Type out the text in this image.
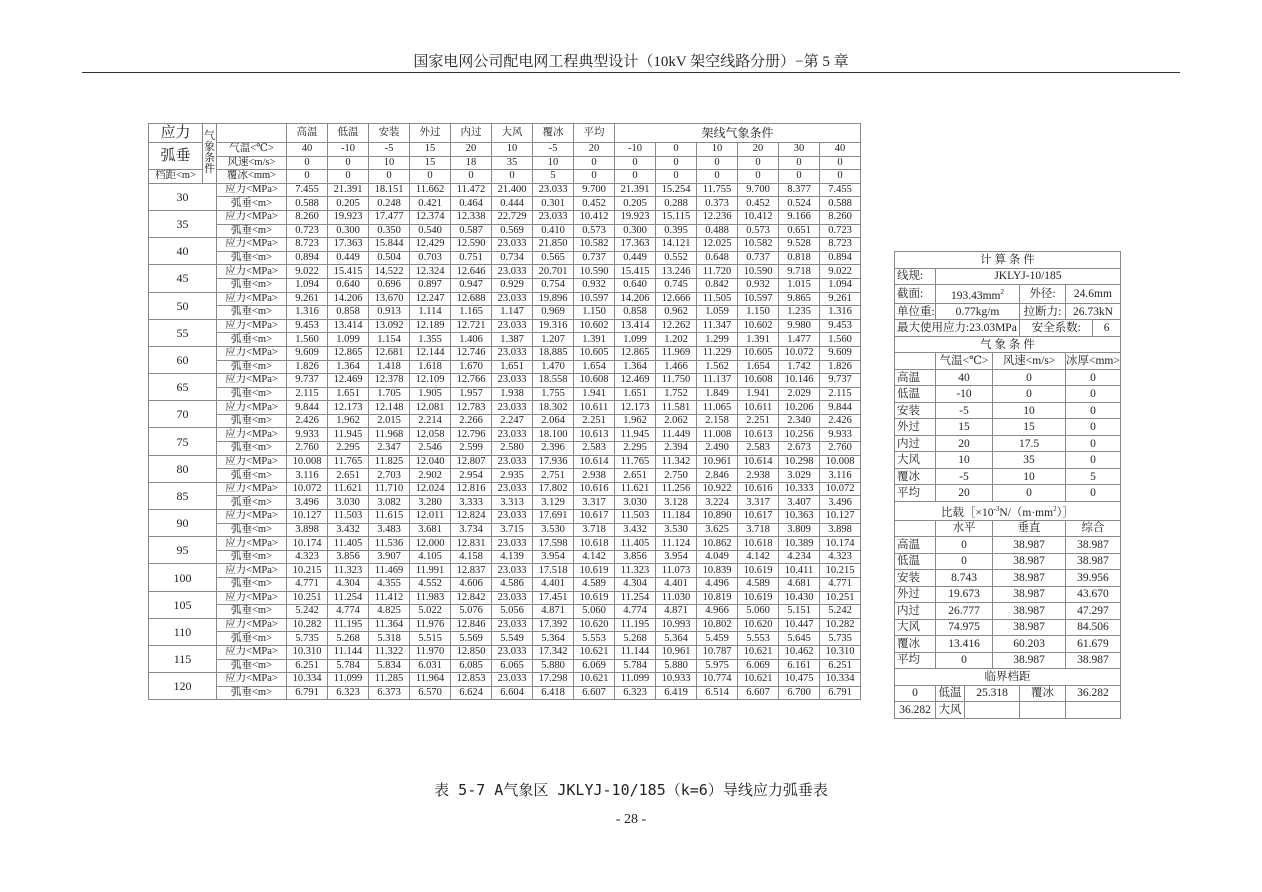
国家电网公司配电网工程典型设计（10kV 架空线路分册）−第 5 章
应力	气象条件		高温	低温	安装	外过	内过	大风	覆冰	平均	架线气象条件					
弧垂		气温<℃>	40	-10	-5	15	20	10	-5	20	-10	0	10	20	30	40
		风速<m/s>	0	0	10	15	18	35	10	0	0	0	0	0	0	0
档距<m>		覆冰<mm>	0	0	0	0	0	0	5	0	0	0	0	0	0	0
30		应力<MPa>	7.455	21.391	18.151	11.662	11.472	21.400	23.033	9.700	21.391	15.254	11.755	9.700	8.377	7.455
		弧垂<m>	0.588	0.205	0.248	0.421	0.464	0.444	0.301	0.452	0.205	0.288	0.373	0.452	0.524	0.588
35		应力<MPa>	8.260	19.923	17.477	12.374	12.338	22.729	23.033	10.412	19.923	15.115	12.236	10.412	9.166	8.260
		弧垂<m>	0.723	0.300	0.350	0.540	0.587	0.569	0.410	0.573	0.300	0.395	0.488	0.573	0.651	0.723
40		应力<MPa>	8.723	17.363	15.844	12.429	12.590	23.033	21.850	10.582	17.363	14.121	12.025	10.582	9.528	8.723
		弧垂<m>	0.894	0.449	0.504	0.703	0.751	0.734	0.565	0.737	0.449	0.552	0.648	0.737	0.818	0.894
45		应力<MPa>	9.022	15.415	14.522	12.324	12.646	23.033	20.701	10.590	15.415	13.246	11.720	10.590	9.718	9.022
		弧垂<m>	1.094	0.640	0.696	0.897	0.947	0.929	0.754	0.932	0.640	0.745	0.842	0.932	1.015	1.094
50		应力<MPa>	9.261	14.206	13.670	12.247	12.688	23.033	19.896	10.597	14.206	12.666	11.505	10.597	9.865	9.261
		弧垂<m>	1.316	0.858	0.913	1.114	1.165	1.147	0.969	1.150	0.858	0.962	1.059	1.150	1.235	1.316
55		应力<MPa>	9.453	13.414	13.092	12.189	12.721	23.033	19.316	10.602	13.414	12.262	11.347	10.602	9.980	9.453
		弧垂<m>	1.560	1.099	1.154	1.355	1.406	1.387	1.207	1.391	1.099	1.202	1.299	1.391	1.477	1.560
60		应力<MPa>	9.609	12.865	12.681	12.144	12.746	23.033	18.885	10.605	12.865	11.969	11.229	10.605	10.072	9.609
		弧垂<m>	1.826	1.364	1.418	1.618	1.670	1.651	1.470	1.654	1.364	1.466	1.562	1.654	1.742	1.826
65		应力<MPa>	9.737	12.469	12.378	12.109	12.766	23.033	18.558	10.608	12.469	11.750	11.137	10.608	10.146	9.737
		弧垂<m>	2.115	1.651	1.705	1.905	1.957	1.938	1.755	1.941	1.651	1.752	1.849	1.941	2.029	2.115
70		应力<MPa>	9.844	12.173	12.148	12.081	12.783	23.033	18.302	10.611	12.173	11.581	11.065	10.611	10.206	9.844
		弧垂<m>	2.426	1.962	2.015	2.214	2.266	2.247	2.064	2.251	1.962	2.062	2.158	2.251	2.340	2.426
75		应力<MPa>	9.933	11.945	11.968	12.058	12.796	23.033	18.100	10.613	11.945	11.449	11.008	10.613	10.256	9.933
		弧垂<m>	2.760	2.295	2.347	2.546	2.599	2.580	2.396	2.583	2.295	2.394	2.490	2.583	2.673	2.760
80		应力<MPa>	10.008	11.765	11.825	12.040	12.807	23.033	17.936	10.614	11.765	11.342	10.961	10.614	10.298	10.008
		弧垂<m>	3.116	2.651	2.703	2.902	2.954	2.935	2.751	2.938	2.651	2.750	2.846	2.938	3.029	3.116
85		应力<MPa>	10.072	11.621	11.710	12.024	12.816	23.033	17.802	10.616	11.621	11.256	10.922	10.616	10.333	10.072
		弧垂<m>	3.496	3.030	3.082	3.280	3.333	3.313	3.129	3.317	3.030	3.128	3.224	3.317	3.407	3.496
90		应力<MPa>	10.127	11.503	11.615	12.011	12.824	23.033	17.691	10.617	11.503	11.184	10.890	10.617	10.363	10.127
		弧垂<m>	3.898	3.432	3.483	3.681	3.734	3.715	3.530	3.718	3.432	3.530	3.625	3.718	3.809	3.898
95		应力<MPa>	10.174	11.405	11.536	12.000	12.831	23.033	17.598	10.618	11.405	11.124	10.862	10.618	10.389	10.174
		弧垂<m>	4.323	3.856	3.907	4.105	4.158	4.139	3.954	4.142	3.856	3.954	4.049	4.142	4.234	4.323
100		应力<MPa>	10.215	11.323	11.469	11.991	12.837	23.033	17.518	10.619	11.323	11.073	10.839	10.619	10.411	10.215
		弧垂<m>	4.771	4.304	4.355	4.552	4.606	4.586	4.401	4.589	4.304	4.401	4.496	4.589	4.681	4.771
105		应力<MPa>	10.251	11.254	11.412	11.983	12.842	23.033	17.451	10.619	11.254	11.030	10.819	10.619	10.430	10.251
		弧垂<m>	5.242	4.774	4.825	5.022	5.076	5.056	4.871	5.060	4.774	4.871	4.966	5.060	5.151	5.242
110		应力<MPa>	10.282	11.195	11.364	11.976	12.846	23.033	17.392	10.620	11.195	10.993	10.802	10.620	10.447	10.282
		弧垂<m>	5.735	5.268	5.318	5.515	5.569	5.549	5.364	5.553	5.268	5.364	5.459	5.553	5.645	5.735
115		应力<MPa>	10.310	11.144	11.322	11.970	12.850	23.033	17.342	10.621	11.144	10.961	10.787	10.621	10.462	10.310
		弧垂<m>	6.251	5.784	5.834	6.031	6.085	6.065	5.880	6.069	5.784	5.880	5.975	6.069	6.161	6.251
120		应力<MPa>	10.334	11.099	11.285	11.964	12.853	23.033	17.298	10.621	11.099	10.933	10.774	10.621	10.475	10.334
		弧垂<m>	6.791	6.323	6.373	6.570	6.624	6.604	6.418	6.607	6.323	6.419	6.514	6.607	6.700	6.791
计 算 条 件						
线规:	JKLYJ-10/185					
截面:	$193.43mm^2$			外径:	24.6mm	
单位重:	0.77kg/m			拉断力:	26.73kN	
最大使用应力:23.03MPa				安全系数:		6
气 象 条 件						
	气温<℃>		风速<m/s>		冰厚<mm>	
高温	40		0		0	
低温	-10		0		0	
安装	-5		10		0	
外过	15		15		0	
内过	20		17.5		0	
大风	10		35		0	
覆冰	-5		10		5	
平均	20		0		0	
比载$[\times 10^{-3}N/(m\cdot mm^2)]$						
	水平		垂直		综合	
高温	0		38.987		38.987	
低温	0		38.987		38.987	
安装	8.743		38.987		39.956	
外过	19.673		38.987		43.670	
内过	26.777		38.987		47.297	
大风	74.975		38.987		84.506	
覆冰	13.416		60.203		61.679	
平均	0		38.987		38.987	
临界档距						
0	低温	25.318		覆冰	36.282	
36.282	大风					
表 5-7 A气象区 JKLYJ-10/185（k=6）导线应力弧垂表
- 28 -
